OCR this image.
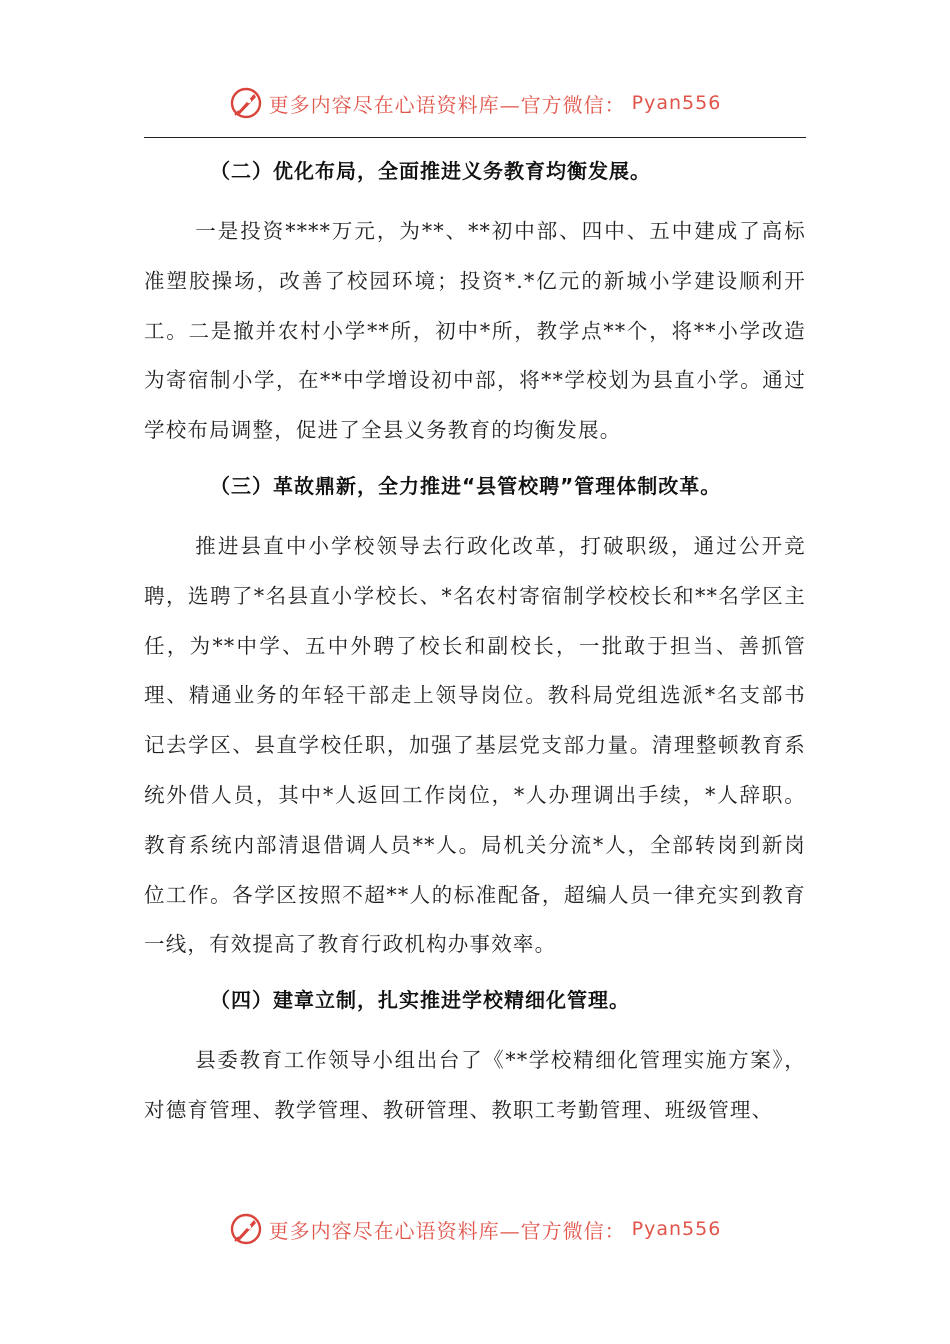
更多内容尽在心语资料库—官方微信： Pyan556
（二）优化布局，全面推进义务教育均衡发展。

一是投资****万元，为**、**初中部、四中、五中建成了高标准塑胶操场，改善了校园环境；投资*.*亿元的新城小学建设顺利开工。二是撤并农村小学**所，初中*所，教学点**个，将**小学改造为寄宿制小学，在**中学增设初中部，将**学校划为县直小学。通过学校布局调整，促进了全县义务教育的均衡发展。

（三）革故鼎新，全力推进“县管校聘”管理体制改革。

推进县直中小学校领导去行政化改革，打破职级，通过公开竞聘，选聘了*名县直小学校长、*名农村寄宿制学校校长和**名学区主任，为**中学、五中外聘了校长和副校长，一批敢于担当、善抓管理、精通业务的年轻干部走上领导岗位。教科局党组选派*名支部书记去学区、县直学校任职，加强了基层党支部力量。清理整顿教育系统外借人员，其中*人返回工作岗位，*人办理调出手续，*人辞职。教育系统内部清退借调人员**人。局机关分流*人，全部转岗到新岗位工作。各学区按照不超**人的标准配备，超编人员一律充实到教育一线，有效提高了教育行政机构办事效率。

（四）建章立制，扎实推进学校精细化管理。

县委教育工作领导小组出台了《**学校精细化管理实施方案》，对德育管理、教学管理、教研管理、教职工考勤管理、班级管理、

更多内容尽在心语资料库—官方微信： Pyan556
